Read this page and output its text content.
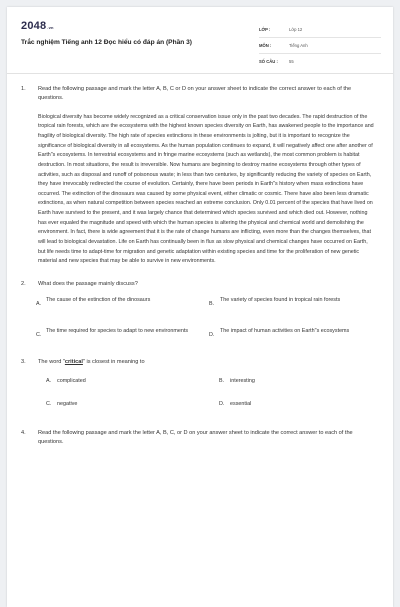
2048.vn
Trắc nghiệm Tiếng anh 12 Đọc hiểu có đáp án (Phần 3)
LỚP :	Lớp 12
MÔN :	Tiếng Anh
SỐ CÂU :	55
1. Read the following passage and mark the letter A, B, C or D on your answer sheet to indicate the correct answer to each of the questions.
Biological diversity has become widely recognized as a critical conservation issue only in the past two decades. The rapid destruction of the tropical rain forests, which are the ecosystems with the highest known species diversity on Earth, has awakened people to the importance and fragility of biological diversity. The high rate of species extinctions in these environments is jolting, but it is important to recognize the significance of biological diversity in all ecosystems. As the human population continues to expand, it will negatively affect one after another of Earth"s ecosystems. In terrestrial ecosystems and in fringe marine ecosystems (such as wetlands), the most common problem is habitat destruction. In most situations, the result is irreversible. Now humans are beginning to destroy marine ecosystems through other types of activities, such as disposal and runoff of poisonous waste; in less than two centuries, by significantly reducing the variety of species on Earth, they have irrevocably redirected the course of evolution. Certainly, there have been periods in Earth"s history when mass extinctions have occurred. The extinction of the dinosaurs was caused by some physical event, either climatic or cosmic. There have also been less dramatic extinctions, as when natural competition between species reached an extreme conclusion. Only 0.01 percent of the species that have lived on Earth have survived to the present, and it was largely chance that determined which species survived and which died out. However, nothing has ever equaled the magnitude and speed with which the human species is altering the physical and chemical world and demolishing the environment. In fact, there is wide agreement that it is the rate of change humans are inflicting, even more than the changes themselves, that will lead to biological devastation. Life on Earth has continually been in flux as slow physical and chemical changes have occurred on Earth, but life needs time to adapt-time for migration and genetic adaptation within existing species and time for the proliferation of new genetic material and new species that may be able to survive in new environments.
2. What does the passage mainly discuss?
A.
The cause of the extinction of the dinosaurs
B.
The variety of species found in tropical rain forests
C.
The time required for species to adapt to new environments
D.
The impact of human activities on Earth"s ecosystems
3. The word "critical" is closest in meaning to
A. complicated	B. interesting
C. negative	D. essential
4. Read the following passage and mark the letter A, B, C, or D on your answer sheet to indicate the correct answer to each of the questions.
